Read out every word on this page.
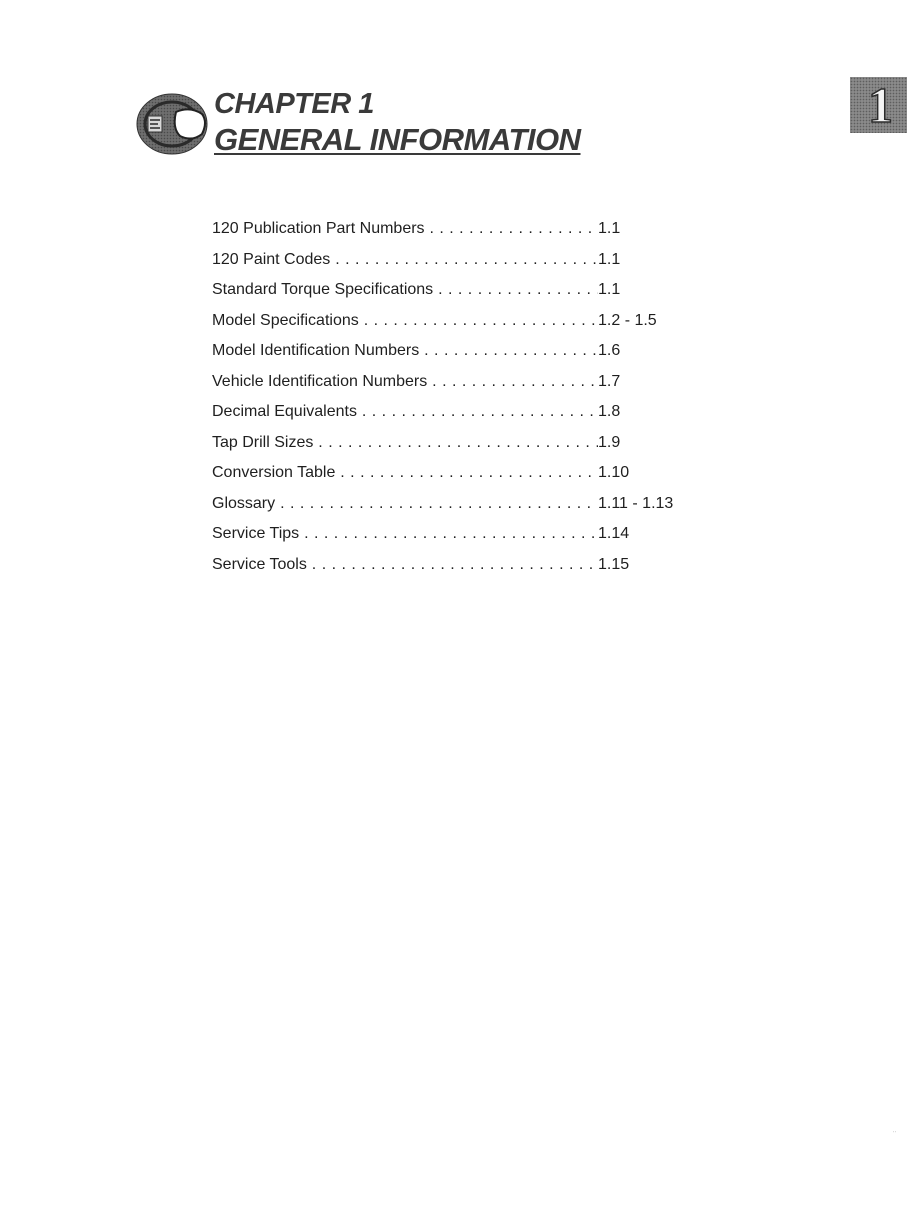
CHAPTER 1
GENERAL INFORMATION
1
120 Publication Part Numbers . . .	1.1
120 Paint Codes . . .	1.1
Standard Torque Specifications . . .	1.1
Model Specifications . . .	1.2 - 1.5
Model Identification Numbers . . .	1.6
Vehicle Identification Numbers . . .	1.7
Decimal Equivalents . . .	1.8
Tap Drill Sizes . . .	1.9
Conversion Table . . .	1.10
Glossary . . .	1.11 - 1.13
Service Tips . . .	1.14
Service Tools . . .	1.15
˙˙
